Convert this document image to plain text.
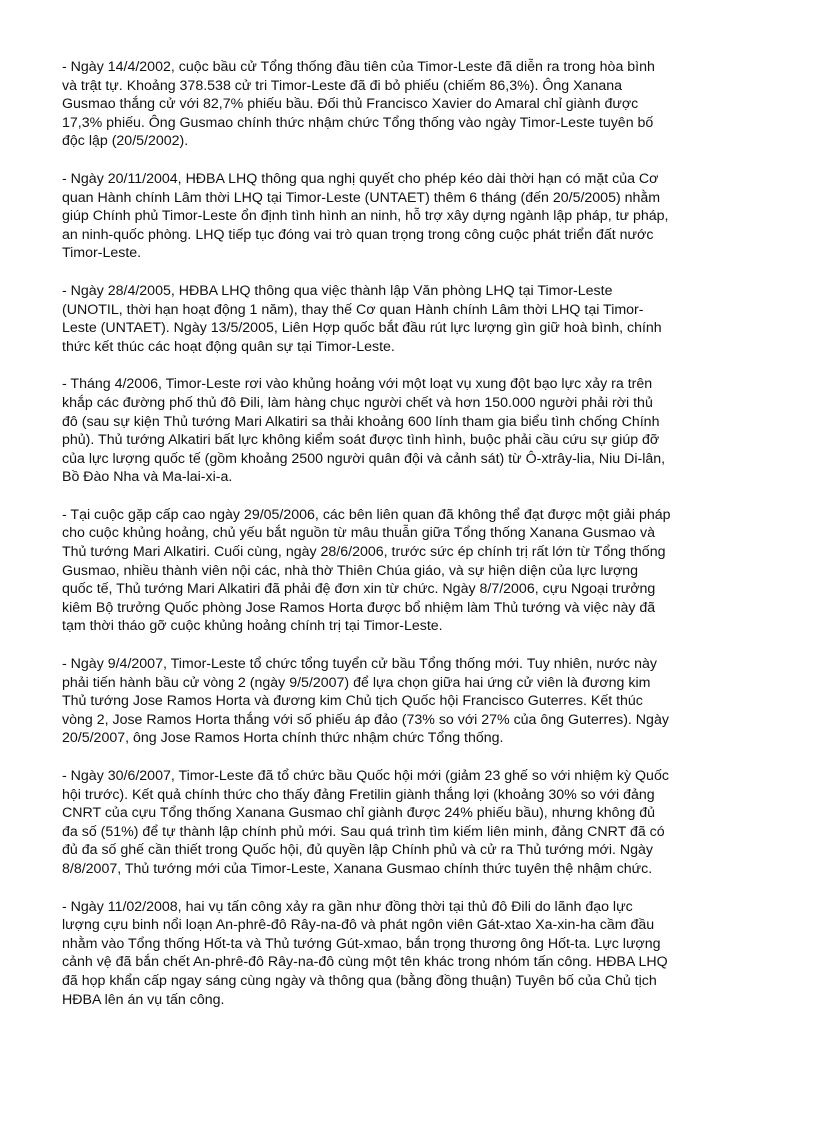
- Ngày 14/4/2002, cuộc bầu cử Tổng thống đầu tiên của Timor-Leste đã diễn ra trong hòa bình
và trật tự. Khoảng 378.538 cử tri Timor-Leste đã đi bỏ phiếu (chiếm 86,3%). Ông Xanana
Gusmao thắng cử với 82,7% phiếu bầu. Đối thủ Francisco Xavier do Amaral chỉ giành được
17,3% phiếu. Ông Gusmao chính thức nhậm chức Tổng thống vào ngày Timor-Leste tuyên bố
độc lập (20/5/2002).

- Ngày 20/11/2004, HĐBA LHQ thông qua nghị quyết cho phép kéo dài thời hạn có mặt của Cơ
quan Hành chính Lâm thời LHQ tại Timor-Leste (UNTAET) thêm 6 tháng (đến 20/5/2005) nhằm
giúp Chính phủ Timor-Leste ổn định tình hình an ninh, hỗ trợ xây dựng ngành lập pháp, tư pháp,
an ninh-quốc phòng. LHQ tiếp tục đóng vai trò quan trọng trong công cuộc phát triển đất nước
Timor-Leste.

- Ngày 28/4/2005, HĐBA LHQ thông qua việc thành lập Văn phòng LHQ tại Timor-Leste
(UNOTIL, thời hạn hoạt động 1 năm), thay thế Cơ quan Hành chính Lâm thời LHQ tại Timor-
Leste (UNTAET). Ngày 13/5/2005, Liên Hợp quốc bắt đầu rút lực lượng gìn giữ hoà bình, chính
thức kết thúc các hoạt động quân sự tại Timor-Leste.

- Tháng 4/2006, Timor-Leste rơi vào khủng hoảng với một loạt vụ xung đột bạo lực xảy ra trên
khắp các đường phố thủ đô Đili, làm hàng chục người chết và hơn 150.000 người phải rời thủ
đô (sau sự kiện Thủ tướng Mari Alkatiri sa thải khoảng 600 lính tham gia biểu tình chống Chính
phủ). Thủ tướng Alkatiri bất lực không kiểm soát được tình hình, buộc phải cầu cứu sự giúp đỡ
của lực lượng quốc tế (gồm khoảng 2500 người quân đội và cảnh sát) từ Ô-xtrây-lia, Niu Di-lân,
Bồ Đào Nha và Ma-lai-xi-a.

- Tại cuộc gặp cấp cao ngày 29/05/2006, các bên liên quan đã không thể đạt được một giải pháp
cho cuộc khủng hoảng, chủ yếu bắt nguồn từ mâu thuẫn giữa Tổng thống Xanana Gusmao và
Thủ tướng Mari Alkatiri. Cuối cùng, ngày 28/6/2006, trước sức ép chính trị rất lớn từ Tổng thống
Gusmao, nhiều thành viên nội các, nhà thờ Thiên Chúa giáo, và sự hiện diện của lực lượng
quốc tế, Thủ tướng Mari Alkatiri đã phải đệ đơn xin từ chức. Ngày 8/7/2006, cựu Ngoại trưởng
kiêm Bộ trưởng Quốc phòng Jose Ramos Horta được bổ nhiệm làm Thủ tướng và việc này đã
tạm thời tháo gỡ cuộc khủng hoảng chính trị tại Timor-Leste.

- Ngày 9/4/2007, Timor-Leste tổ chức tổng tuyển cử bầu Tổng thống mới. Tuy nhiên, nước này
phải tiến hành bầu cử vòng 2 (ngày 9/5/2007) để lựa chọn giữa hai ứng cử viên là đương kim
Thủ tướng Jose Ramos Horta và đương kim Chủ tịch Quốc hội Francisco Guterres. Kết thúc
vòng 2, Jose Ramos Horta thắng với số phiếu áp đảo (73% so với 27% của ông Guterres). Ngày
20/5/2007, ông Jose Ramos Horta chính thức nhậm chức Tổng thống.

- Ngày 30/6/2007, Timor-Leste đã tổ chức bầu Quốc hội mới (giảm 23 ghế so với nhiệm kỳ Quốc
hội trước). Kết quả chính thức cho thấy đảng Fretilin giành thắng lợi (khoảng 30% so với đảng
CNRT của cựu Tổng thống Xanana Gusmao chỉ giành được 24% phiếu bầu), nhưng không đủ
đa số (51%) để tự thành lập chính phủ mới. Sau quá trình tìm kiếm liên minh, đảng CNRT đã có
đủ đa số ghế cần thiết trong Quốc hội, đủ quyền lập Chính phủ và cử ra Thủ tướng mới. Ngày
8/8/2007, Thủ tướng mới của Timor-Leste, Xanana Gusmao chính thức tuyên thệ nhậm chức.

- Ngày 11/02/2008, hai vụ tấn công xảy ra gần như đồng thời tại thủ đô Đili do lãnh đạo lực
lượng cựu binh nổi loạn An-phrê-đô Rây-na-đô và phát ngôn viên Gát-xtao Xa-xin-ha cầm đầu
nhằm vào Tổng thống Hốt-ta và Thủ tướng Gút-xmao, bắn trọng thương ông Hốt-ta. Lực lượng
cảnh vệ đã bắn chết An-phrê-đô Rây-na-đô cùng một tên khác trong nhóm tấn công. HĐBA LHQ
đã họp khẩn cấp ngay sáng cùng ngày và thông qua (bằng đồng thuận) Tuyên bố của Chủ tịch
HĐBA lên án vụ tấn công.
